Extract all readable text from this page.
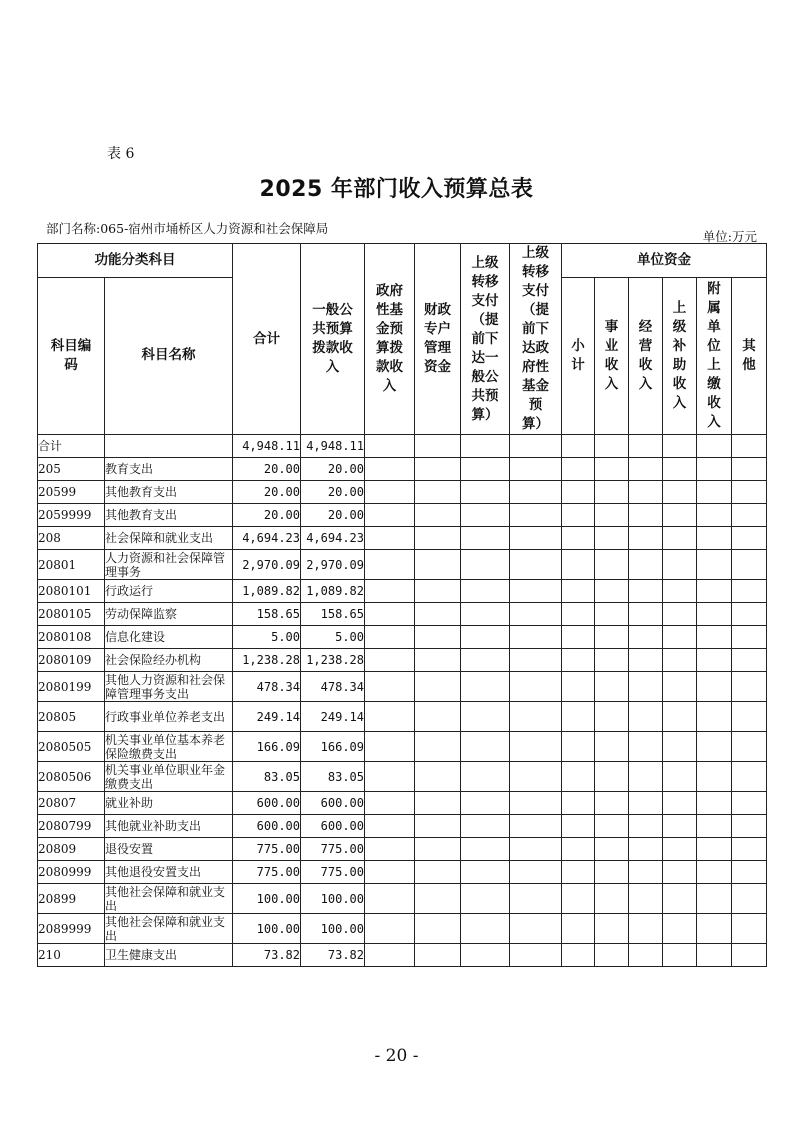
表 6
2025 年部门收入预算总表
部门名称:065-宿州市埇桥区人力资源和社会保障局
单位:万元
功能分类科目		合计	一般公共预算拨款收入	政府性基金预算拨款收入	财政专户管理资金	上级转移支付（提前下达一般公共预算）	上级转移支付（提前下达政府性基金预算）	单位资金					
科目编码	科目名称							小计	事业收入	经营收入	上级补助收入	附属单位上缴收入	其他
合计		4,948.11	4,948.11										
205	教育支出	20.00	20.00										
20599	其他教育支出	20.00	20.00										
2059999	其他教育支出	20.00	20.00										
208	社会保障和就业支出	4,694.23	4,694.23										
20801	人力资源和社会保障管理事务	2,970.09	2,970.09										
2080101	行政运行	1,089.82	1,089.82										
2080105	劳动保障监察	158.65	158.65										
2080108	信息化建设	5.00	5.00										
2080109	社会保险经办机构	1,238.28	1,238.28										
2080199	其他人力资源和社会保障管理事务支出	478.34	478.34										
20805	行政事业单位养老支出	249.14	249.14										
2080505	机关事业单位基本养老保险缴费支出	166.09	166.09										
2080506	机关事业单位职业年金缴费支出	83.05	83.05										
20807	就业补助	600.00	600.00										
2080799	其他就业补助支出	600.00	600.00										
20809	退役安置	775.00	775.00										
2080999	其他退役安置支出	775.00	775.00										
20899	其他社会保障和就业支出	100.00	100.00										
2089999	其他社会保障和就业支出	100.00	100.00										
210	卫生健康支出	73.82	73.82										
- 20 -
